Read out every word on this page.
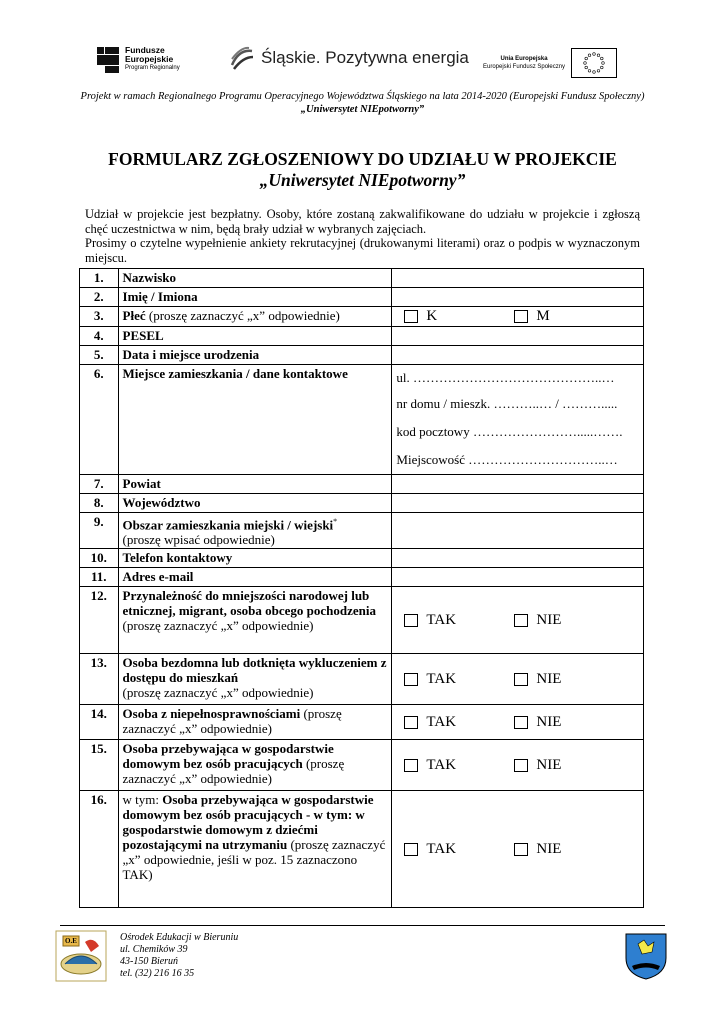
Fundusze
Europejskie
Program Regionalny
Śląskie. Pozytywna energia	Unia Europejska
Europejski Fundusz Społeczny
Projekt w ramach Regionalnego Programu Operacyjnego Województwa Śląskiego na lata 2014-2020 (Europejski Fundusz Społeczny)
„Uniwersytet NIEpotworny”
FORMULARZ ZGŁOSZENIOWY DO UDZIAŁU W PROJEKCIE
„Uniwersytet NIEpotworny”
Udział w projekcie jest bezpłatny. Osoby, które zostaną zakwalifikowane do udziału w projekcie i zgłoszą chęć uczestnictwa w nim, będą brały udział w wybranych zajęciach.
Prosimy o czytelne wypełnienie ankiety rekrutacyjnej (drukowanymi literami) oraz o podpis w wyznaczonym miejscu.
1.	Nazwisko	
2.	Imię / Imiona	
3.	Płeć (proszę zaznaczyć „x” odpowiednie)	K M

4.	PESEL	
5.	Data i miejsce urodzenia	
6.	Miejsce zamieszkania / dane kontaktowe	ul. ……………………………………..…
nr domu / mieszk. ………..… / ……….....
kod pocztowy …………………….....…….
Miejscowość …………………………..…

7.	Powiat	
8.	Województwo	
9.	Obszar zamieszkania miejski / wiejski*
(proszę wpisać odpowiednie)	
10.	Telefon kontaktowy	
11.	Adres e-mail	
12.	Przynależność do mniejszości narodowej lub etnicznej, migrant, osoba obcego pochodzenia (proszę zaznaczyć „x” odpowiednie)	TAK NIE

13.	Osoba bezdomna lub dotknięta wykluczeniem z dostępu do mieszkań
(proszę zaznaczyć „x” odpowiednie)	TAK NIE

14.	Osoba z niepełnosprawnościami (proszę zaznaczyć „x” odpowiednie)	TAK NIE

15.	Osoba przebywająca w gospodarstwie domowym bez osób pracujących (proszę zaznaczyć „x” odpowiednie)	TAK NIE

16.	w tym: Osoba przebywająca w gospodarstwie domowym bez osób pracujących - w tym: w gospodarstwie domowym z dziećmi pozostającymi na utrzymaniu (proszę zaznaczyć „x” odpowiednie, jeśli w poz. 15 zaznaczono TAK)	TAK NIE
O.E	Ośrodek Edukacji w Bieruniu
ul. Chemików 39
43-150 Bieruń
tel. (32) 216 16 35
